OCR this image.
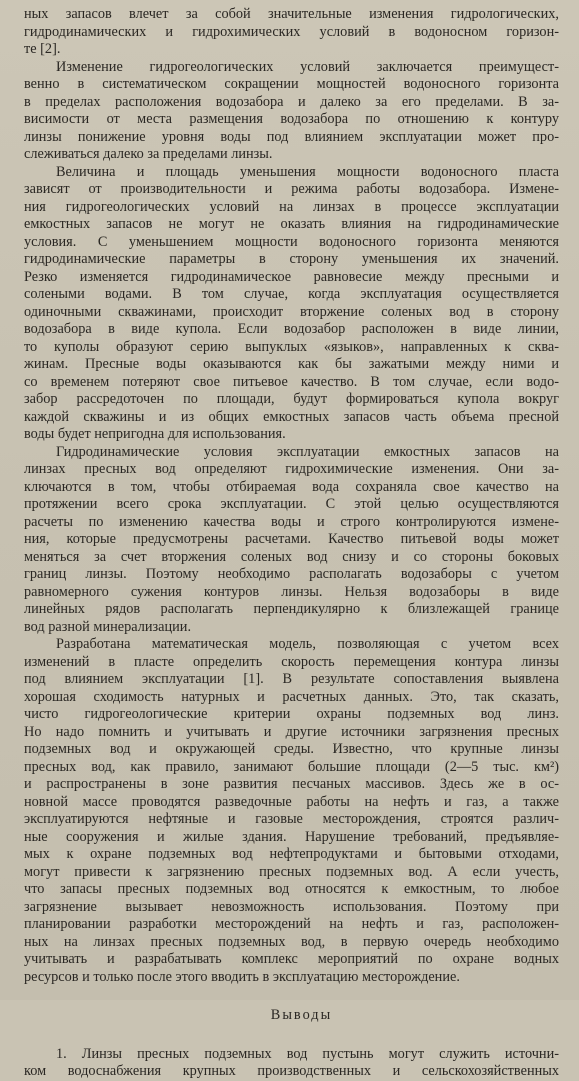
ных запасов влечет за собой значительные изменения гидрологических,
гидродинамических и гидрохимических условий в водоносном горизон-
те [2].
Изменение гидрогеологических условий заключается преимущест-
венно в систематическом сокращении мощностей водоносного горизонта
в пределах расположения водозабора и далеко за его пределами. В за-
висимости от места размещения водозабора по отношению к контуру
линзы понижение уровня воды под влиянием эксплуатации может про-
слеживаться далеко за пределами линзы.
Величина и площадь уменьшения мощности водоносного пласта
зависят от производительности и режима работы водозабора. Измене-
ния гидрогеологических условий на линзах в процессе эксплуатации
емкостных запасов не могут не оказать влияния на гидродинамические
условия. С уменьшением мощности водоносного горизонта меняются
гидродинамические параметры в сторону уменьшения их значений.
Резко изменяется гидродинамическое равновесие между пресными и
солеными водами. В том случае, когда эксплуатация осуществляется
одиночными скважинами, происходит вторжение соленых вод в сторону
водозабора в виде купола. Если водозабор расположен в виде линии,
то куполы образуют серию выпуклых «языков», направленных к сква-
жинам. Пресные воды оказываются как бы зажатыми между ними и
со временем потеряют свое питьевое качество. В том случае, если водо-
забор рассредоточен по площади, будут формироваться купола вокруг
каждой скважины и из общих емкостных запасов часть объема пресной
воды будет непригодна для использования.
Гидродинамические условия эксплуатации емкостных запасов на
линзах пресных вод определяют гидрохимические изменения. Они за-
ключаются в том, чтобы отбираемая вода сохраняла свое качество на
протяжении всего срока эксплуатации. С этой целью осуществляются
расчеты по изменению качества воды и строго контролируются измене-
ния, которые предусмотрены расчетами. Качество питьевой воды может
меняться за счет вторжения соленых вод снизу и со стороны боковых
границ линзы. Поэтому необходимо располагать водозаборы с учетом
равномерного сужения контуров линзы. Нельзя водозаборы в виде
линейных рядов располагать перпендикулярно к близлежащей границе
вод разной минерализации.
Разработана математическая модель, позволяющая с учетом всех
изменений в пласте определить скорость перемещения контура линзы
под влиянием эксплуатации [1]. В результате сопоставления выявлена
хорошая сходимость натурных и расчетных данных. Это, так сказать,
чисто гидрогеологические критерии охраны подземных вод линз.
Но надо помнить и учитывать и другие источники загрязнения пресных
подземных вод и окружающей среды. Известно, что крупные линзы
пресных вод, как правило, занимают большие площади (2—5 тыс. км²)
и распространены в зоне развития песчаных массивов. Здесь же в ос-
новной массе проводятся разведочные работы на нефть и газ, а также
эксплуатируются нефтяные и газовые месторождения, строятся различ-
ные сооружения и жилые здания. Нарушение требований, предъявляе-
мых к охране подземных вод нефтепродуктами и бытовыми отходами,
могут привести к загрязнению пресных подземных вод. А если учесть,
что запасы пресных подземных вод относятся к емкостным, то любое
загрязнение вызывает невозможность использования. Поэтому при
планировании разработки месторождений на нефть и газ, расположен-
ных на линзах пресных подземных вод, в первую очередь необходимо
учитывать и разрабатывать комплекс мероприятий по охране водных
ресурсов и только после этого вводить в эксплуатацию месторождение.
Выводы
1. Линзы пресных подземных вод пустынь могут служить источни-
ком водоснабжения крупных производственных и сельскохозяйственных
